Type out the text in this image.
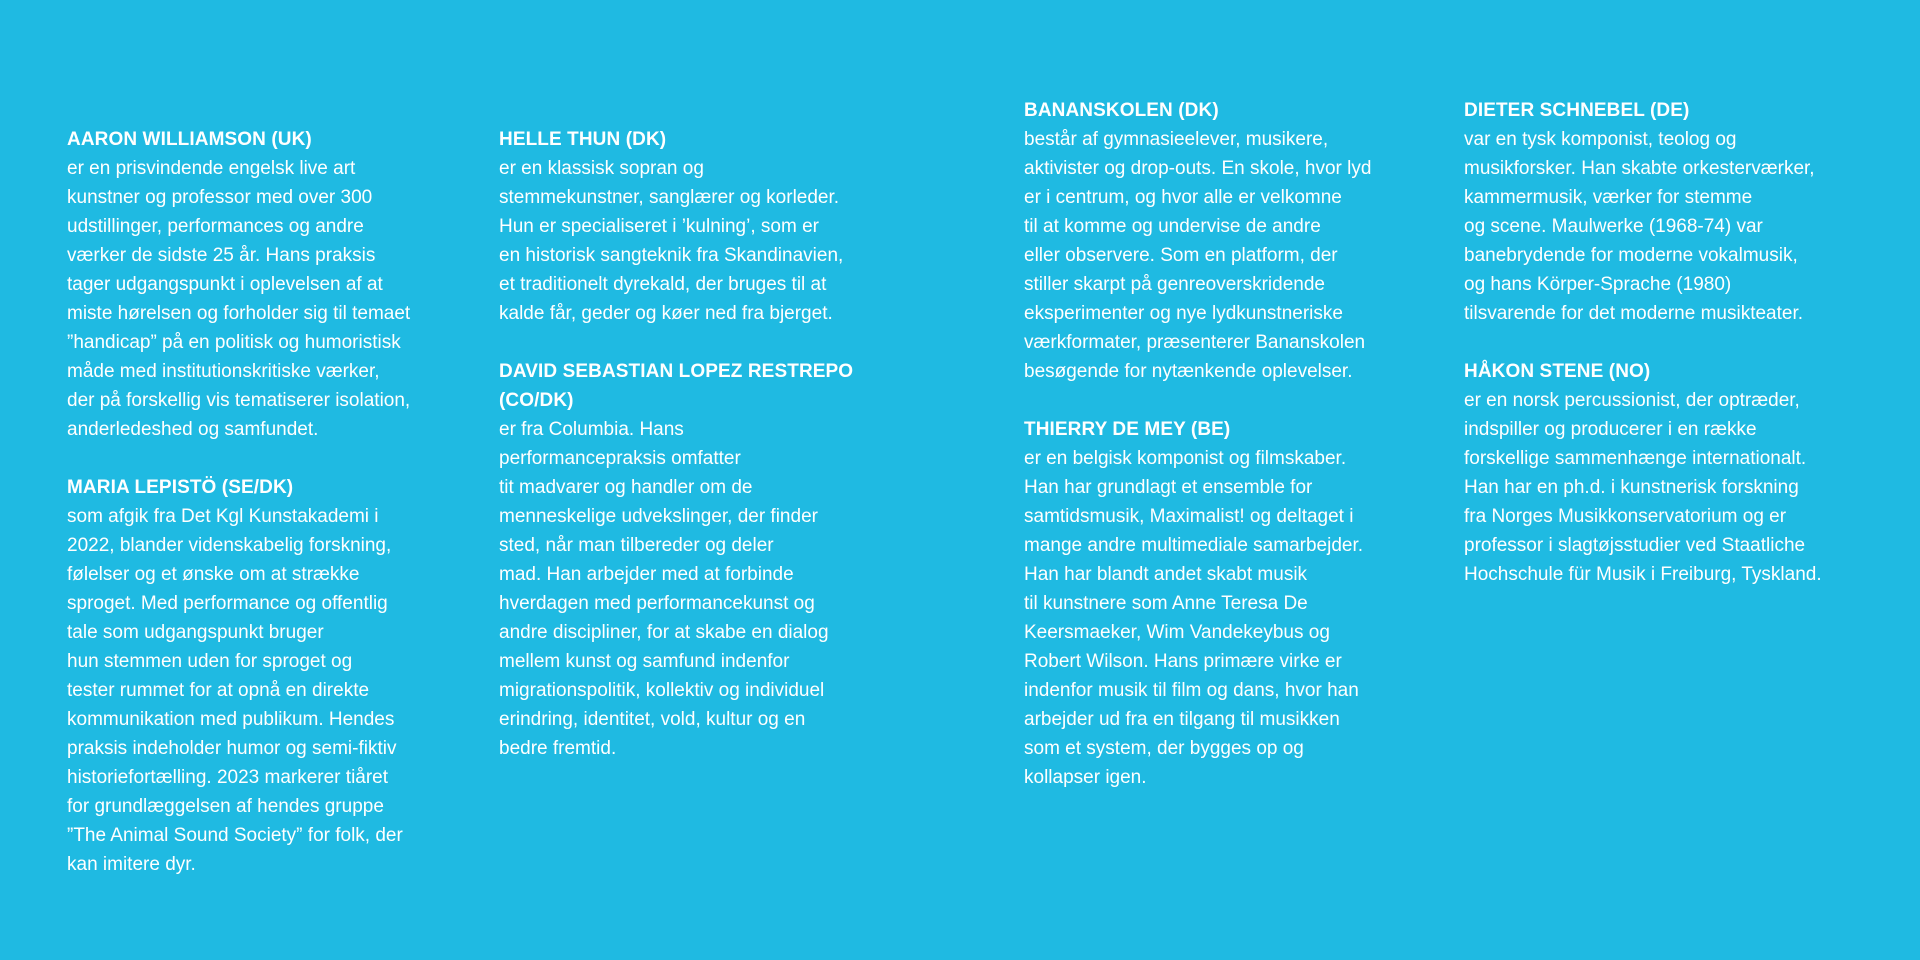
AARON WILLIAMSON (UK)

er en prisvindende engelsk live art
kunstner og professor med over 300
udstillinger, performances og andre
værker de sidste 25 år. Hans praksis
tager udgangspunkt i oplevelsen af at
miste hørelsen og forholder sig til temaet
”handicap” på en politisk og humoristisk
måde med institutionskritiske værker,
der på forskellig vis tematiserer isolation,
anderledeshed og samfundet.

MARIA LEPISTÖ (SE/DK)

som afgik fra Det Kgl Kunstakademi i
2022, blander videnskabelig forskning,
følelser og et ønske om at strække
sproget. Med performance og offentlig
tale som udgangspunkt bruger
hun stemmen uden for sproget og
tester rummet for at opnå en direkte
kommunikation med publikum. Hendes
praksis indeholder humor og semi-fiktiv
historiefortælling. 2023 markerer tiåret
for grundlæggelsen af hendes gruppe
”The Animal Sound Society” for folk, der
kan imitere dyr.

HELLE THUN (DK)

er en klassisk sopran og
stemmekunstner, sanglærer og korleder.
Hun er specialiseret i ’kulning’, som er
en historisk sangteknik fra Skandinavien,
et traditionelt dyrekald, der bruges til at
kalde får, geder og køer ned fra bjerget.

DAVID SEBASTIAN LOPEZ RESTREPO
(CO/DK)

er fra Columbia. Hans
performancepraksis omfatter
tit madvarer og handler om de
menneskelige udvekslinger, der finder
sted, når man tilbereder og deler
mad. Han arbejder med at forbinde
hverdagen med performancekunst og
andre discipliner, for at skabe en dialog
mellem kunst og samfund indenfor
migrationspolitik, kollektiv og individuel
erindring, identitet, vold, kultur og en
bedre fremtid.

BANANSKOLEN (DK)

består af gymnasieelever, musikere,
aktivister og drop-outs. En skole, hvor lyd
er i centrum, og hvor alle er velkomne
til at komme og undervise de andre
eller observere. Som en platform, der
stiller skarpt på genreoverskridende
eksperimenter og nye lydkunstneriske
værkformater, præsenterer Bananskolen
besøgende for nytænkende oplevelser.

THIERRY DE MEY (BE)

er en belgisk komponist og filmskaber.
Han har grundlagt et ensemble for
samtidsmusik, Maximalist! og deltaget i
mange andre multimediale samarbejder.
Han har blandt andet skabt musik
til kunstnere som Anne Teresa De
Keersmaeker, Wim Vandekeybus og
Robert Wilson. Hans primære virke er
indenfor musik til film og dans, hvor han
arbejder ud fra en tilgang til musikken
som et system, der bygges op og
kollapser igen.

DIETER SCHNEBEL (DE)

var en tysk komponist, teolog og
musikforsker. Han skabte orkesterværker,
kammermusik, værker for stemme
og scene. Maulwerke (1968-74) var
banebrydende for moderne vokalmusik,
og hans Körper-Sprache (1980)
tilsvarende for det moderne musikteater.

HÅKON STENE (NO)

er en norsk percussionist, der optræder,
indspiller og producerer i en række
forskellige sammenhænge internationalt.
Han har en ph.d. i kunstnerisk forskning
fra Norges Musikkonservatorium og er
professor i slagtøjsstudier ved Staatliche
Hochschule für Musik i Freiburg, Tyskland.
